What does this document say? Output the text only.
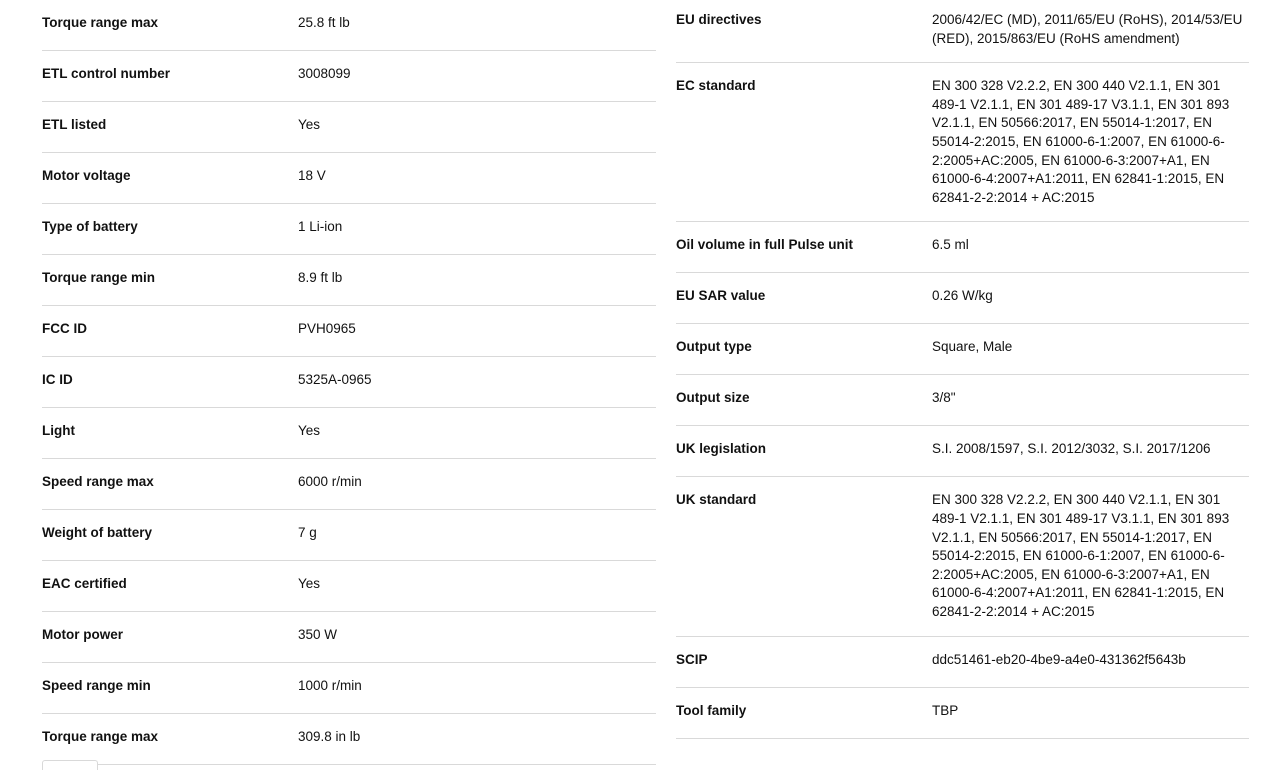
Torque range max	25.8 ft lb
ETL control number	3008099
ETL listed	Yes
Motor voltage	18 V
Type of battery	1 Li-ion
Torque range min	8.9 ft lb
FCC ID	PVH0965
IC ID	5325A-0965
Light	Yes
Speed range max	6000 r/min
Weight of battery	7 g
EAC certified	Yes
Motor power	350 W
Speed range min	1000 r/min
Torque range max	309.8 in lb
EU directives	2006/42/EC (MD), 2011/65/EU (RoHS), 2014/53/EU (RED), 2015/863/EU (RoHS amendment)
EC standard	EN 300 328 V2.2.2, EN 300 440 V2.1.1, EN 301 489-1 V2.1.1, EN 301 489-17 V3.1.1, EN 301 893 V2.1.1, EN 50566:2017, EN 55014-1:2017, EN 55014-2:2015, EN 61000-6-1:2007, EN 61000-6-2:2005+AC:2005, EN 61000-6-3:2007+A1, EN 61000-6-4:2007+A1:2011, EN 62841-1:2015, EN 62841-2-2:2014 + AC:2015
Oil volume in full Pulse unit	6.5 ml
EU SAR value	0.26 W/kg
Output type	Square, Male
Output size	3/8"
UK legislation	S.I. 2008/1597, S.I. 2012/3032, S.I. 2017/1206
UK standard	EN 300 328 V2.2.2, EN 300 440 V2.1.1, EN 301 489-1 V2.1.1, EN 301 489-17 V3.1.1, EN 301 893 V2.1.1, EN 50566:2017, EN 55014-1:2017, EN 55014-2:2015, EN 61000-6-1:2007, EN 61000-6-2:2005+AC:2005, EN 61000-6-3:2007+A1, EN 61000-6-4:2007+A1:2011, EN 62841-1:2015, EN 62841-2-2:2014 + AC:2015
SCIP	ddc51461-eb20-4be9-a4e0-431362f5643b
Tool family	TBP
